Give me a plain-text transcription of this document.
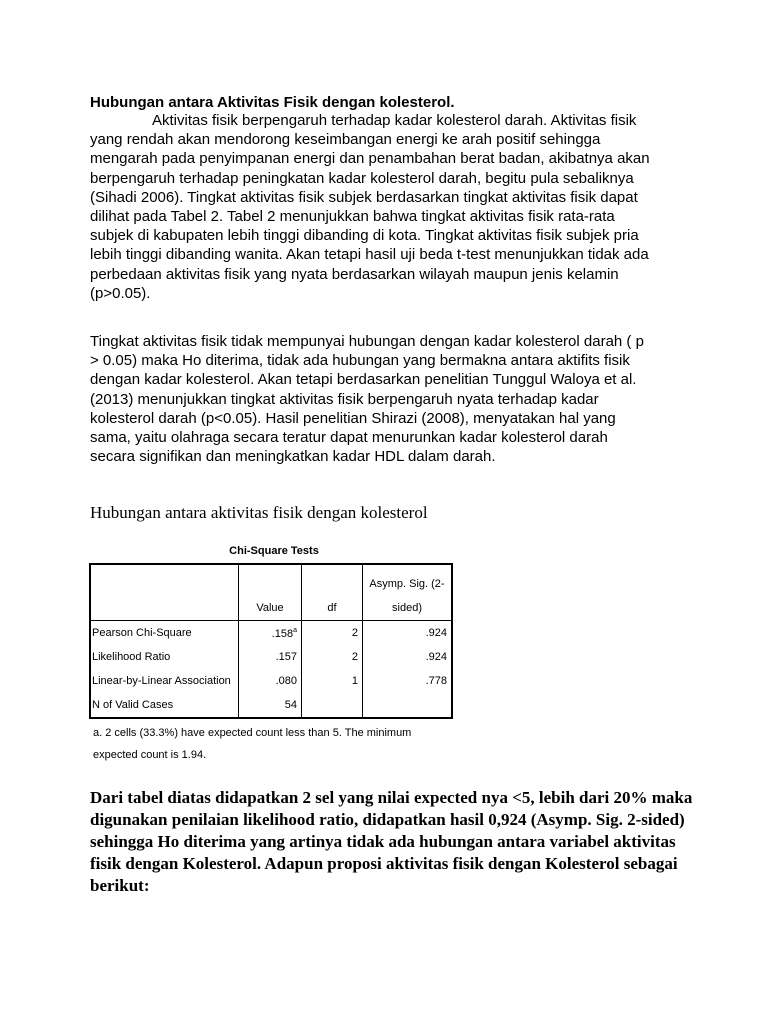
Hubungan antara Aktivitas Fisik dengan kolesterol.
Aktivitas fisik berpengaruh terhadap kadar kolesterol darah. Aktivitas fisik
yang rendah akan mendorong keseimbangan energi ke arah positif sehingga
mengarah pada penyimpanan energi dan penambahan berat badan, akibatnya akan
berpengaruh terhadap peningkatan kadar kolesterol darah, begitu pula sebaliknya
(Sihadi 2006). Tingkat aktivitas fisik subjek berdasarkan tingkat aktivitas fisik dapat
dilihat pada Tabel 2. Tabel 2 menunjukkan bahwa tingkat aktivitas fisik rata-rata
subjek di kabupaten lebih tinggi dibanding di kota. Tingkat aktivitas fisik subjek pria
lebih tinggi dibanding wanita. Akan tetapi hasil uji beda t-test menunjukkan tidak ada
perbedaan aktivitas fisik yang nyata berdasarkan wilayah maupun jenis kelamin
(p>0.05).
Tingkat aktivitas fisik tidak mempunyai hubungan dengan kadar kolesterol darah ( p
> 0.05) maka Ho diterima, tidak ada hubungan yang bermakna antara aktifits fisik
dengan kadar kolesterol. Akan tetapi berdasarkan penelitian Tunggul Waloya et al.
(2013) menunjukkan tingkat aktivitas fisik berpengaruh nyata terhadap kadar
kolesterol darah (p<0.05). Hasil penelitian Shirazi (2008), menyatakan hal yang
sama, yaitu olahraga secara teratur dapat menurunkan kadar kolesterol darah
secara signifikan dan meningkatkan kadar HDL dalam darah.
Hubungan antara aktivitas fisik dengan kolesterol
Chi-Square Tests
	Value	df	Asymp. Sig. (2-
sided)

Pearson Chi-Square	.158$^a$	2	.924
Likelihood Ratio	.157	2	.924
Linear-by-Linear Association	.080	1	.778
N of Valid Cases	54		
a. 2 cells (33.3%) have expected count less than 5. The minimum
expected count is 1.94.
Dari tabel diatas didapatkan 2 sel yang nilai expected nya <5, lebih dari 20% maka
digunakan penilaian likelihood ratio, didapatkan hasil 0,924 (Asymp. Sig. 2-sided)
sehingga Ho diterima yang artinya tidak ada hubungan antara variabel aktivitas
fisik dengan Kolesterol. Adapun proposi aktivitas fisik dengan Kolesterol sebagai
berikut:
